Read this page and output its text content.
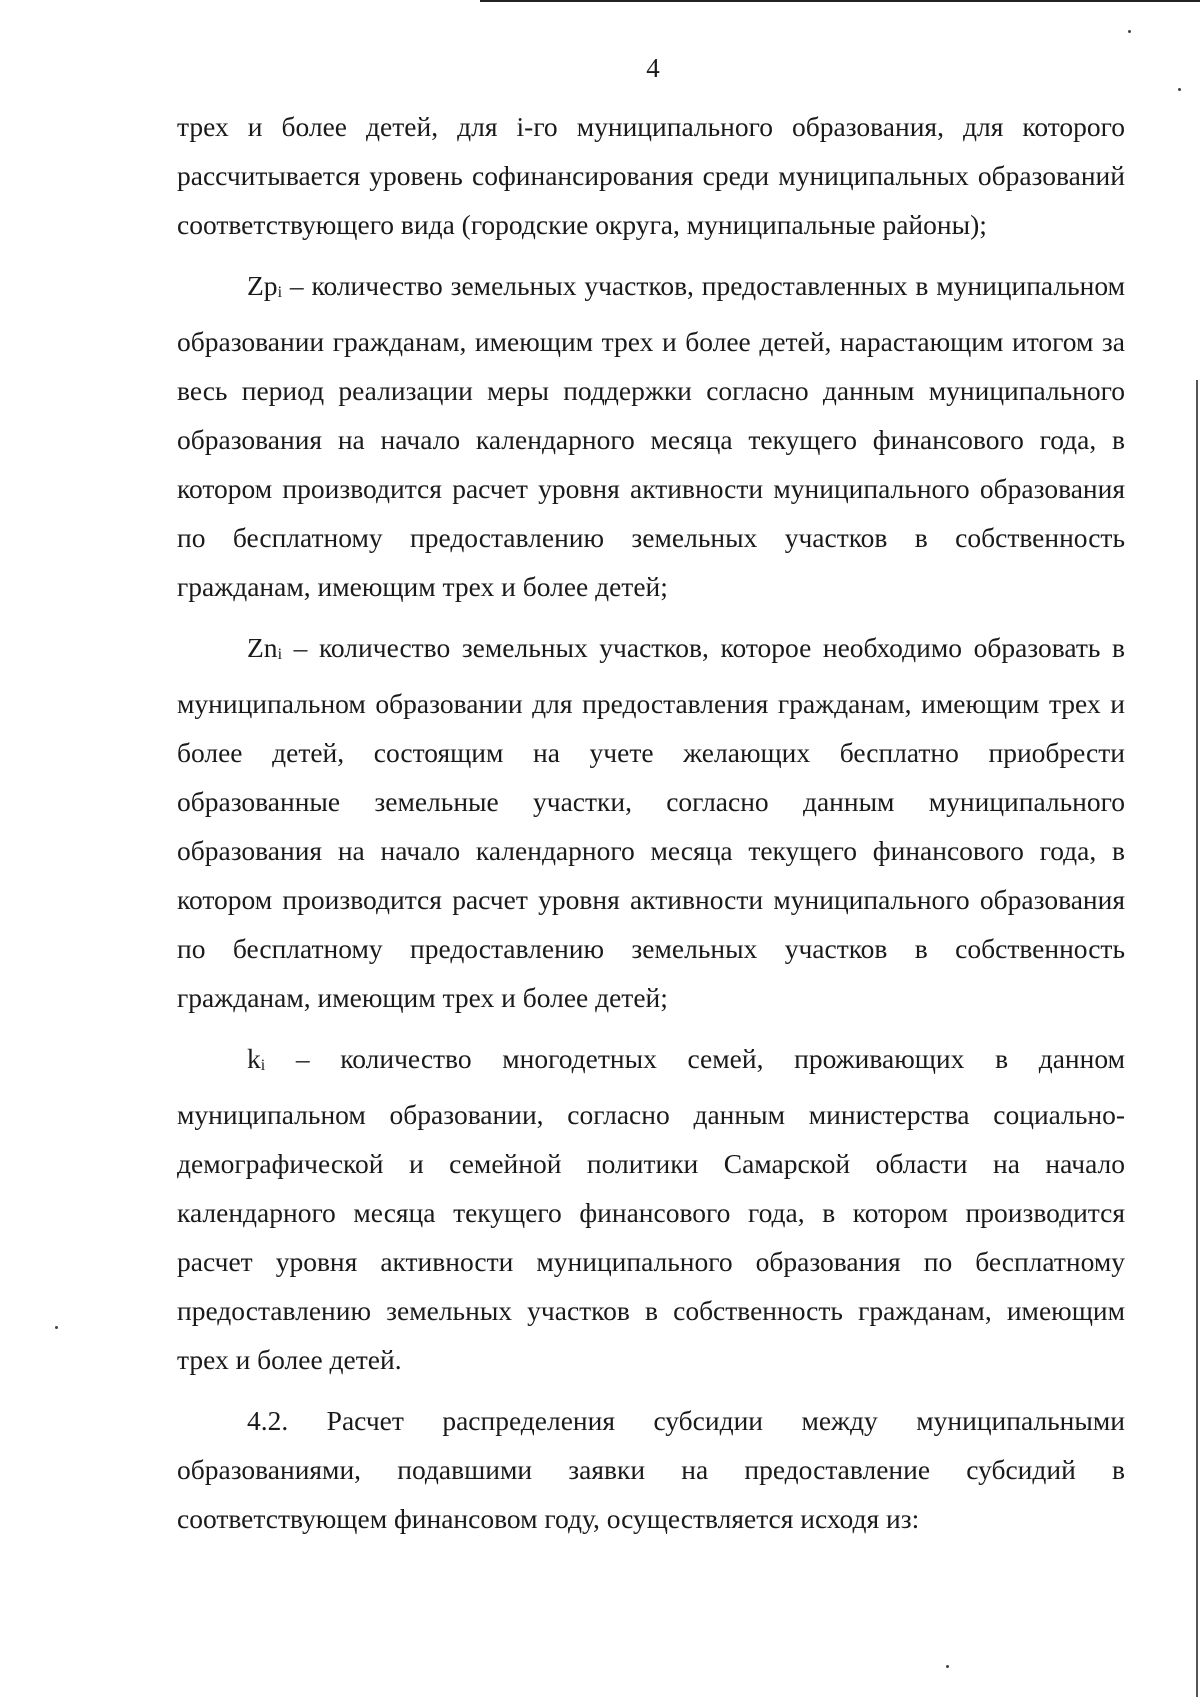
4

трех и более детей, для i-го муниципального образования, для которого рассчитывается уровень софинансирования среди муниципальных образований соответствующего вида (городские округа, муниципальные районы);

$Zp_i$ – количество земельных участков, предоставленных в муниципальном образовании гражданам, имеющим трех и более детей, нарастающим итогом за весь период реализации меры поддержки согласно данным муниципального образования на начало календарного месяца текущего финансового года, в котором производится расчет уровня активности муниципального образования по бесплатному предоставлению земельных участков в собственность гражданам, имеющим трех и более детей;

$Zn_i$ – количество земельных участков, которое необходимо образовать в муниципальном образовании для предоставления гражданам, имеющим трех и более детей, состоящим на учете желающих бесплатно приобрести образованные земельные участки, согласно данным муниципального образования на начало календарного месяца текущего финансового года, в котором производится расчет уровня активности муниципального образования по бесплатному предоставлению земельных участков в собственность гражданам, имеющим трех и более детей;

$k_i$ – количество многодетных семей, проживающих в данном муниципальном образовании, согласно данным министерства социально-демографической и семейной политики Самарской области на начало календарного месяца текущего финансового года, в котором производится расчет уровня активности муниципального образования по бесплатному предоставлению земельных участков в собственность гражданам, имеющим трех и более детей.

4.2. Расчет распределения субсидии между муниципальными образованиями, подавшими заявки на предоставление субсидий в соответствующем финансовом году, осуществляется исходя из:
